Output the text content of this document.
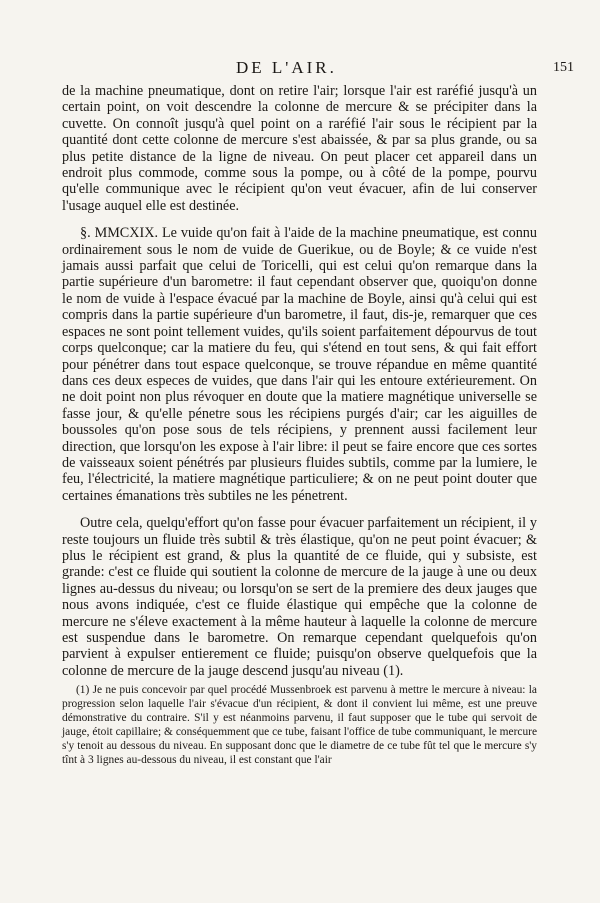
DE L'AIR.	151

de la machine pneumatique, dont on retire l'air; lorsque l'air est raréfié jusqu'à un certain point, on voit descendre la colonne de mercure & se précipiter dans la cuvette. On connoît jusqu'à quel point on a raréfié l'air sous le récipient par la quantité dont cette colonne de mercure s'est abaissée, & par sa plus grande, ou sa plus petite distance de la ligne de niveau. On peut placer cet appareil dans un endroit plus commode, comme sous la pompe, ou à côté de la pompe, pourvu qu'elle communique avec le récipient qu'on veut évacuer, afin de lui conserver l'usage auquel elle est destinée.

§. MMCXIX. Le vuide qu'on fait à l'aide de la machine pneumatique, est connu ordinairement sous le nom de vuide de Guerikue, ou de Boyle; & ce vuide n'est jamais aussi parfait que celui de Toricelli, qui est celui qu'on remarque dans la partie supérieure d'un barometre: il faut cependant observer que, quoiqu'on donne le nom de vuide à l'espace évacué par la machine de Boyle, ainsi qu'à celui qui est compris dans la partie supérieure d'un barometre, il faut, dis-je, remarquer que ces espaces ne sont point tellement vuides, qu'ils soient parfaitement dépourvus de tout corps quelconque; car la matiere du feu, qui s'étend en tout sens, & qui fait effort pour pénétrer dans tout espace quelconque, se trouve répandue en même quantité dans ces deux especes de vuides, que dans l'air qui les entoure extérieurement. On ne doit point non plus révoquer en doute que la matiere magnétique universelle se fasse jour, & qu'elle pénetre sous les récipiens purgés d'air; car les aiguilles de boussoles qu'on pose sous de tels récipiens, y prennent aussi facilement leur direction, que lorsqu'on les expose à l'air libre: il peut se faire encore que ces sortes de vaisseaux soient pénétrés par plusieurs fluides subtils, comme par la lumiere, le feu, l'électricité, la matiere magnétique particuliere; & on ne peut point douter que certaines émanations très subtiles ne les pénetrent.

Outre cela, quelqu'effort qu'on fasse pour évacuer parfaitement un récipient, il y reste toujours un fluide très subtil & très élastique, qu'on ne peut point évacuer; & plus le récipient est grand, & plus la quantité de ce fluide, qui y subsiste, est grande: c'est ce fluide qui soutient la colonne de mercure de la jauge à une ou deux lignes au-dessus du niveau; ou lorsqu'on se sert de la premiere des deux jauges que nous avons indiquée, c'est ce fluide élastique qui empêche que la colonne de mercure ne s'éleve exactement à la même hauteur à laquelle la colonne de mercure est suspendue dans le barometre. On remarque cependant quelquefois qu'on parvient à expulser entierement ce fluide; puisqu'on observe quelquefois que la colonne de mercure de la jauge descend jusqu'au niveau (1).

(1) Je ne puis concevoir par quel procédé Mussenbroek est parvenu à mettre le mercure à niveau: la progression selon laquelle l'air s'évacue d'un récipient, & dont il convient lui même, est une preuve démonstrative du contraire. S'il y est néanmoins parvenu, il faut supposer que le tube qui servoit de jauge, étoit capillaire; & conséquemment que ce tube, faisant l'office de tube communiquant, le mercure s'y tenoit au dessous du niveau. En supposant donc que le diametre de ce tube fût tel que le mercure s'y tînt à 3 lignes au-dessous du niveau, il est constant que l'air
